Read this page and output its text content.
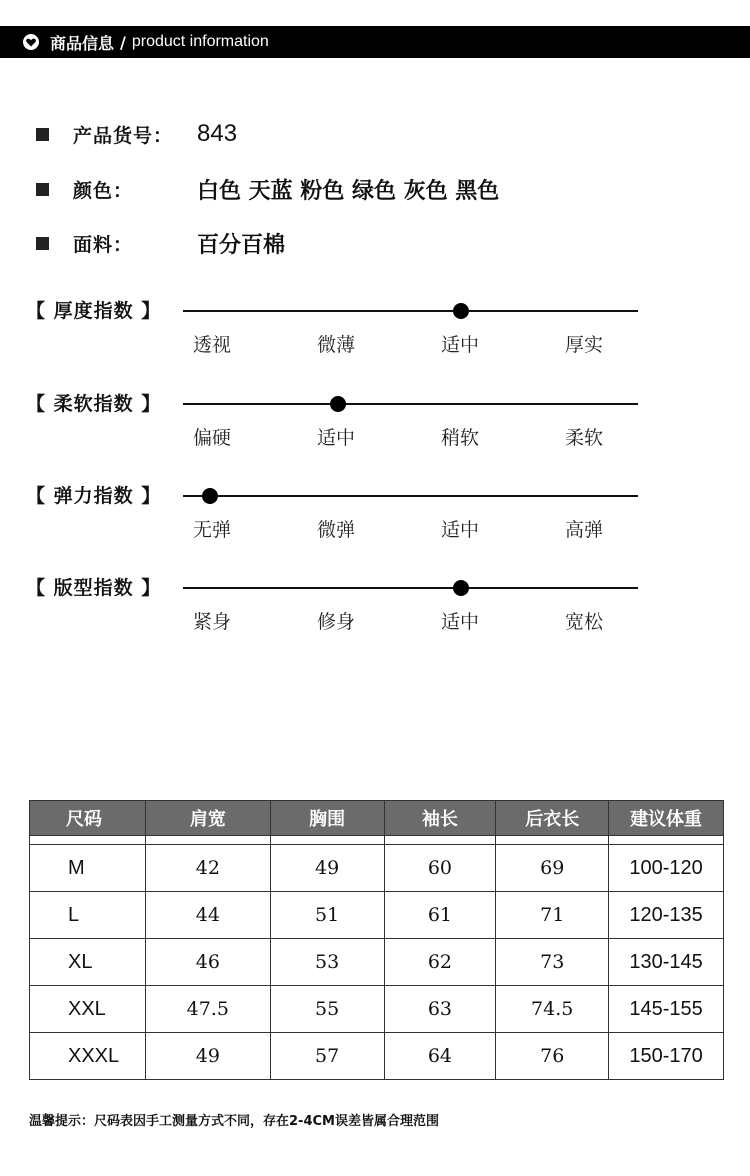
商品信息 / product information
产品货号： 843
颜色：	白色 天蓝 粉色 绿色 灰色 黑色
面料：	百分百棉
【 厚度指数 】
透视	微薄	适中	厚实
【 柔软指数 】
偏硬	适中	稍软	柔软
【 弹力指数 】
无弹	微弹	适中	高弹
【 版型指数 】
紧身	修身	适中	宽松
尺码	肩宽	胸围	袖长	后衣长	建议体重

M	42	49	60	69	100-120
L	44	51	61	71	120-135
XL	46	53	62	73	130-145
XXL	47.5	55	63	74.5	145-155
XXXL	49	57	64	76	150-170
温馨提示：尺码表因手工测量方式不同，存在2-4CM误差皆属合理范围
